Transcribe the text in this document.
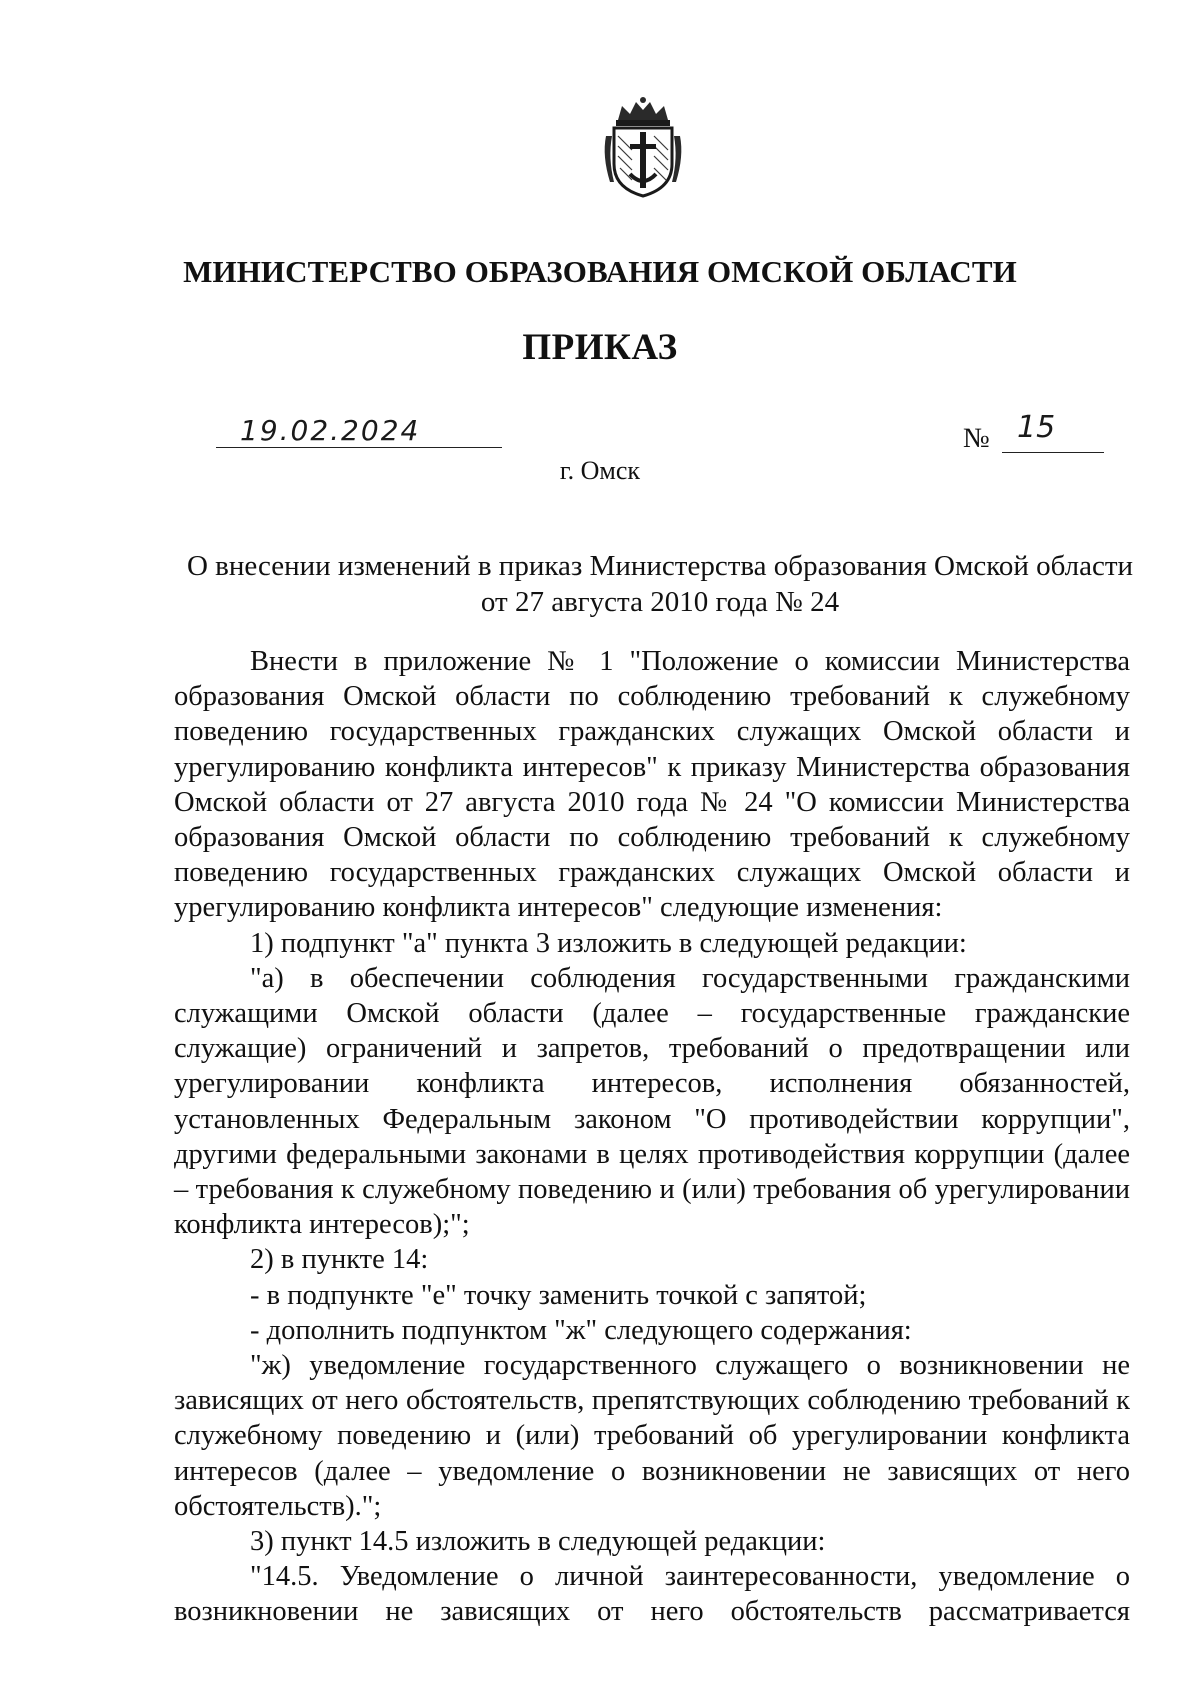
МИНИСТЕРСТВО ОБРАЗОВАНИЯ ОМСКОЙ ОБЛАСТИ
ПРИКАЗ
19.02.2024	№ 15
г. Омск
О внесении изменений в приказ Министерства образования Омской области
от 27 августа 2010 года № 24

Внести в приложение № 1 "Положение о комиссии Министерства образования Омской области по соблюдению требований к служебному поведению государственных гражданских служащих Омской области и урегулированию конфликта интересов" к приказу Министерства образования Омской области от 27 августа 2010 года № 24 "О комиссии Министерства образования Омской области по соблюдению требований к служебному поведению государственных гражданских служащих Омской области и урегулированию конфликта интересов" следующие изменения:

1) подпункт "а" пункта 3 изложить в следующей редакции:

"а) в обеспечении соблюдения государственными гражданскими служащими Омской области (далее – государственные гражданские служащие) ограничений и запретов, требований о предотвращении или урегулировании конфликта интересов, исполнения обязанностей, установленных Федеральным законом "О противодействии коррупции", другими федеральными законами в целях противодействия коррупции (далее – требования к служебному поведению и (или) требования об урегулировании конфликта интересов);";

2) в пункте 14:

- в подпункте "е" точку заменить точкой с запятой;

- дополнить подпунктом "ж" следующего содержания:

"ж) уведомление государственного служащего о возникновении не зависящих от него обстоятельств, препятствующих соблюдению требований к служебному поведению и (или) требований об урегулировании конфликта интересов (далее – уведомление о возникновении не зависящих от него обстоятельств).";

3) пункт 14.5 изложить в следующей редакции:

"14.5. Уведомление о личной заинтересованности, уведомление о возникновении не зависящих от него обстоятельств рассматривается
